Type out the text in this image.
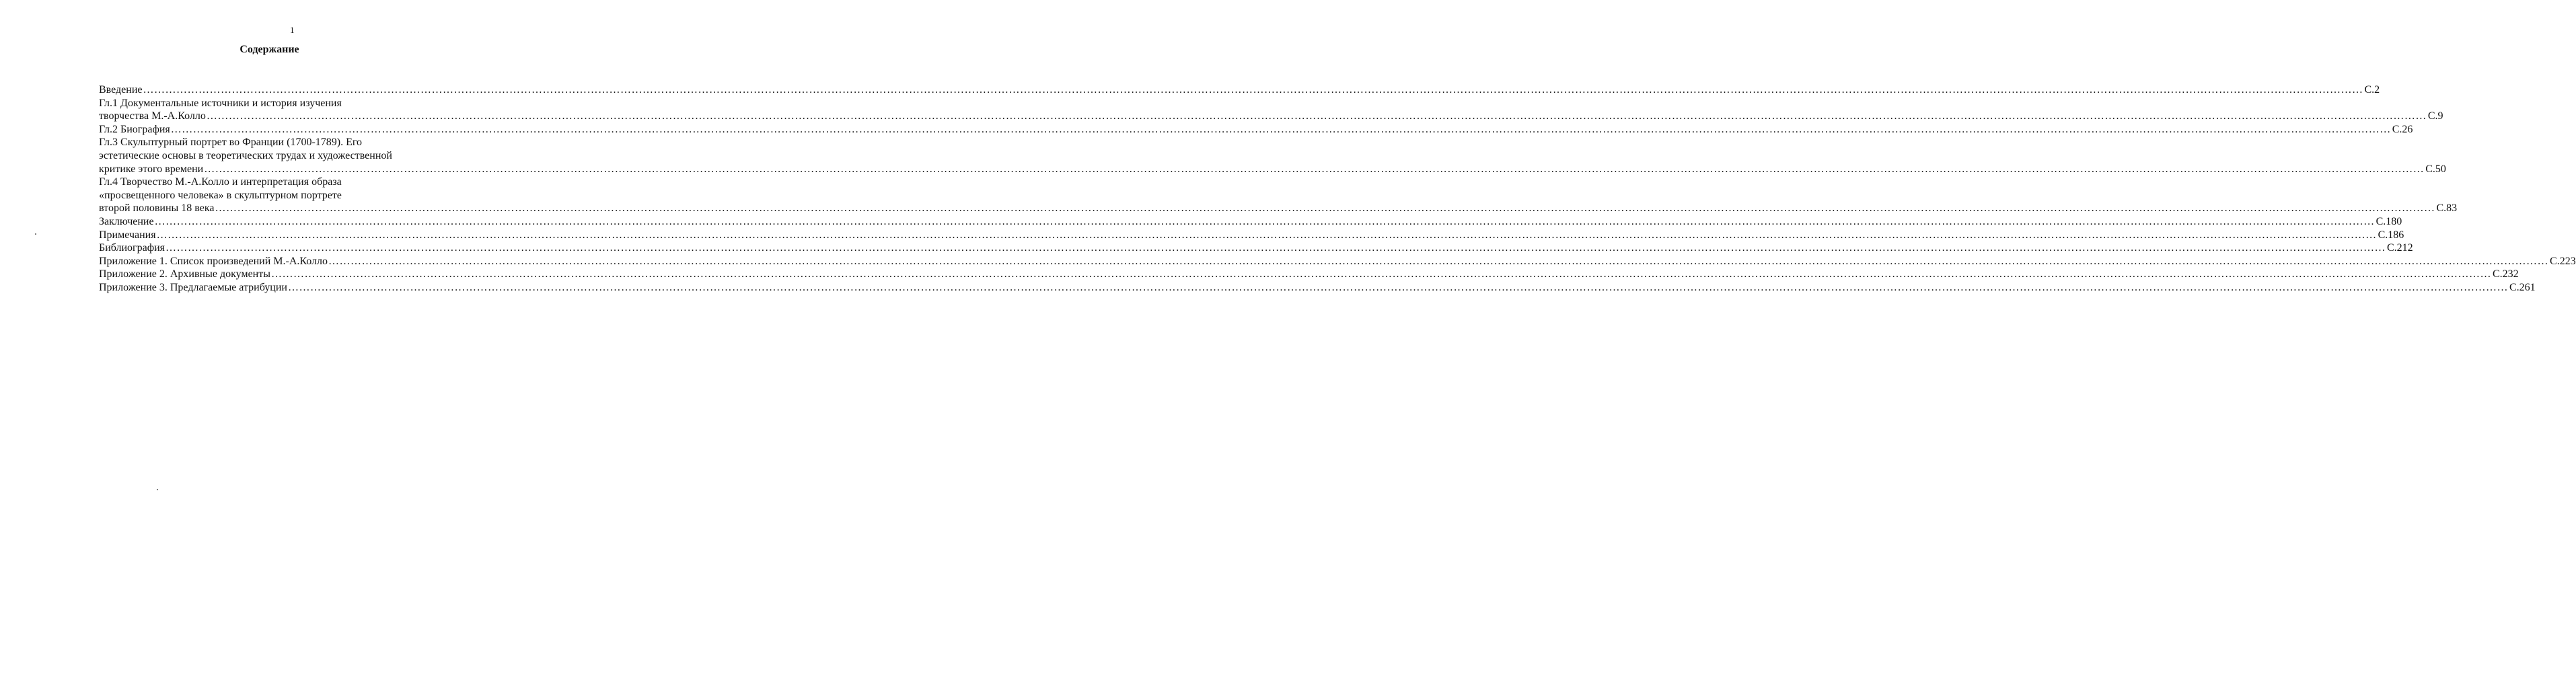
1
Содержание
Введение …………………………………………………………………………………………………………………………………………………………………………………………………………………………………………………………………………………………………………………………………………………………………………………………………………………………………………………………………………………………………………………………………………………… С.2
Гл.1 Документальные источники и история изучения
творчества М.-А.Колло …………………………………………………………………………………………………………………………………………………………………………………………………………………………………………………………………………………………………………………………………………………………………………………………………………………………………………………………………………………………………………………………………………………… С.9
Гл.2 Биография …………………………………………………………………………………………………………………………………………………………………………………………………………………………………………………………………………………………………………………………………………………………………………………………………………………………………………………………………………………………………………………………………………………… С.26
Гл.3 Скульптурный портрет во Франции (1700-1789). Его
эстетические основы в теоретических трудах и художественной
критике этого времени …………………………………………………………………………………………………………………………………………………………………………………………………………………………………………………………………………………………………………………………………………………………………………………………………………………………………………………………………………………………………………………………………………………… С.50
Гл.4 Творчество М.-А.Колло и интерпретация образа
«просвещенного человека» в скульптурном портрете
второй половины 18 века …………………………………………………………………………………………………………………………………………………………………………………………………………………………………………………………………………………………………………………………………………………………………………………………………………………………………………………………………………………………………………………………………………………… С.83
Заключение …………………………………………………………………………………………………………………………………………………………………………………………………………………………………………………………………………………………………………………………………………………………………………………………………………………………………………………………………………………………………………………………………………………… С.180
Примечания …………………………………………………………………………………………………………………………………………………………………………………………………………………………………………………………………………………………………………………………………………………………………………………………………………………………………………………………………………………………………………………………………………………… С.186
Библиография …………………………………………………………………………………………………………………………………………………………………………………………………………………………………………………………………………………………………………………………………………………………………………………………………………………………………………………………………………………………………………………………………………………… С.212
Приложение 1. Список произведений М.-А.Колло …………………………………………………………………………………………………………………………………………………………………………………………………………………………………………………………………………………………………………………………………………………………………………………………………………………………………………………………………………………………………………………………………………………… С.223
Приложение 2. Архивные документы …………………………………………………………………………………………………………………………………………………………………………………………………………………………………………………………………………………………………………………………………………………………………………………………………………………………………………………………………………………………………………………………………………………… С.232
Приложение 3. Предлагаемые атрибуции …………………………………………………………………………………………………………………………………………………………………………………………………………………………………………………………………………………………………………………………………………………………………………………………………………………………………………………………………………………………………………………………………………………… С.261
